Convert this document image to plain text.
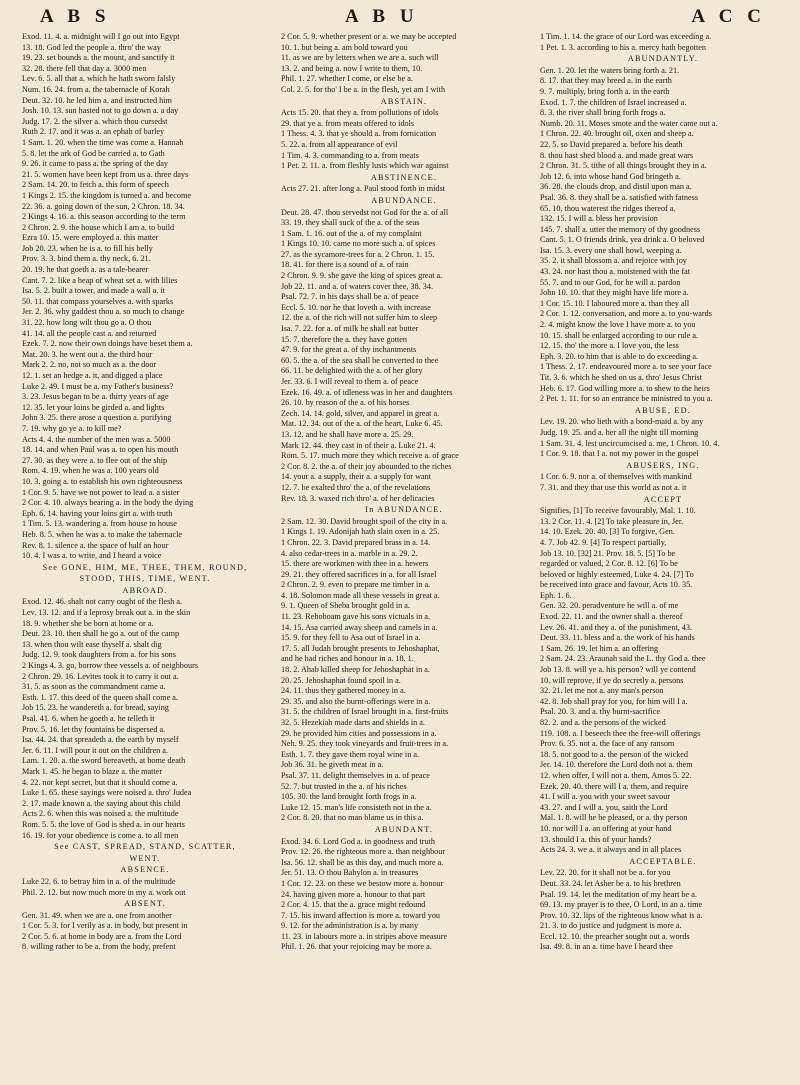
A B S	A B U	A C C

Exod. 11. 4. a. midnight will I go out into Egypt

13. 18. God led the people a. thro' the way

19. 23. set bounds a. the mount, and sanctify it

32. 28. there fell that day a. 3000 men

Lev. 6. 5. all that a. which he hath sworn falsly

Num. 16. 24. from a. the tabernacle of Korah

Deut. 32. 10. he led him a. and instructed him

Josh. 10. 13. sun hasted not to go down a. a day

Judg. 17. 2. the silver a. which thou cursedst

Ruth 2. 17. and it was a. an ephah of barley

1 Sam. 1. 20. when the time was come a. Hannah

5. 8. let the ark of God be carried a. to Gath

9. 26. it came to pass a. the spring of the day

21. 5. women have been kept from us a. three days

2 Sam. 14. 20. to fetch a. this form of speech

1 Kings 2. 15. the kingdom is turned a. and become

22. 36. a. going down of the sun, 2 Chron. 18. 34.

2 Kings 4. 16. a. this season according to the term

2 Chron. 2. 9. the house which I am a. to build

Ezra 10. 15. were employed a. this matter

Job 20. 23. when he is a. to fill his belly

Prov. 3. 3. bind them a. thy neck, 6. 21.

20. 19. he that goeth a. as a tale-bearer

Cant. 7. 2. like a heap of wheat set a. with lilies

Isa. 5. 2. built a tower, and made a wall a. it

50. 11. that compass yourselves a. with sparks

Jer. 2. 36. why gaddest thou a. so much to change

31. 22. how long wilt thou go a. O thou

41. 14. all the people cast a. and returned

Ezek. 7. 2. now their own doings have beset them a.

Mat. 20. 3. he went out a. the third hour

Mark 2. 2. no, not so much as a. the door

12. 1. set an hedge a. it, and digged a place

Luke 2. 49. I must be a. my Father's business?

3. 23. Jesus began to be a. thirty years of age

12. 35. let your loins be girded a. and lights

John 3. 25. there arose a question a. purifying

7. 19. why go ye a. to kill me?

Acts 4. 4. the number of the men was a. 5000

18. 14. and when Paul was a. to open his mouth

27. 30. as they were a. to flee out of the ship

Rom. 4. 19. when he was a. 100 years old

10. 3. going a. to establish his own righteousness

1 Cor. 9. 5. have we not power to lead a. a sister

2 Cor. 4. 10. always bearing a. in the body the dying

Eph. 6. 14. having your loins girt a. with truth

1 Tim. 5. 13. wandering a. from house to house

Heb. 8. 5. when he was a. to make the tabernacle

Rev. 8. 1. silence a. the space of half an hour

10. 4. I was a. to write, and I heard a voice

See GONE, HIM, ME, THEE, THEM, ROUND,

STOOD, THIS, TIME, WENT.

ABROAD.

Exod. 12. 46. shalt not carry ought of the flesh a.

Lev. 13. 12. and if a leprosy break out a. in the skin

18. 9. whether she be born at home or a.

Deut. 23. 10. then shall he go a. out of the camp

13. when thou wilt ease thyself a. shalt dig

Judg. 12. 9. took daughters from a. for his sons

2 Kings 4. 3. go, borrow thee vessels a. of neighbours

2 Chron. 29. 16. Levites took it to carry it out a.

31. 5. as soon as the commandment came a.

Esth. 1. 17. this deed of the queen shall come a.

Job 15. 23. he wandereth a. for bread, saying

Psal. 41. 6. when he goeth a. he telleth it

Prov. 5. 16. let thy fountains be dispersed a.

Isa. 44. 24. that spreadeth a. the earth by myself

Jer. 6. 11. I will pour it out on the children a.

Lam. 1. 20. a. the sword bereaveth, at home death

Mark 1. 45. he began to blaze a. the matter

4. 22. nor kept secret, but that it should come a.

Luke 1. 65. these sayings were noised a. thro' Judea

2. 17. made known a. the saying about this child

Acts 2. 6. when this was noised a. the multitude

Rom. 5. 5. the love of God is shed a. in our hearts

16. 19. for your obedience is come a. to all men

See CAST, SPREAD, STAND, SCATTER,

WENT.

ABSENCE.

Luke 22. 6. to betray him in a. of the multitude

Phil. 2. 12. but now much more in my a. work out

ABSENT.

Gen. 31. 49. when we are a. one from another

1 Cor. 5. 3. for I verily as a. in body, but present in

2 Cor. 5. 6. at home in body are a. from the Lord

8. willing rather to be a. from the body, prefent

2 Cor. 5. 9. whether present or a. we may be accepted

10. 1. but being a. am bold toward you

11. as we are by letters when we are a. such will

13. 2. and being a. now I write to them, 10.

Phil. 1. 27. whether I come, or else be a.

Col. 2. 5. for tho' I be a. in the flesh, yet am I with

ABSTAIN.

Acts 15. 20. that they a. from pollutions of idols

29. that ye a. from meats offered to idols

1 Thess. 4. 3. that ye should a. from fornication

5. 22. a. from all appearance of evil

1 Tim. 4. 3. commanding to a. from meats

1 Pet. 2. 11. a. from fleshly lusts which war against

ABSTINENCE.

Acts 27. 21. after long a. Paul stood forth in midst

ABUNDANCE.

Deut. 28. 47. thou servedst not God for the a. of all

33. 19. they shall suck of the a. of the seas

1 Sam. 1. 16. out of the a. of my complaint

1 Kings 10. 10. came no more such a. of spices

27. as the sycamore-trees for a. 2 Chron. 1. 15.

18. 41. for there is a sound of a. of rain

2 Chron. 9. 9. she gave the king of spices great a.

Job 22. 11. and a. of waters cover thee, 38. 34.

Psal. 72. 7. in his days shall be a. of peace

Eccl. 5. 10. nor he that loveth a. with increase

12. the a. of the rich will not suffer him to sleep

Isa. 7. 22. for a. of milk he shall eat butter

15. 7. therefore the a. they have gotten

47. 9. for the great a. of thy inchantments

60. 5. the a. of the sea shall be converted to thee

66. 11. be delighted with the a. of her glory

Jer. 33. 6. I will reveal to them a. of peace

Ezek. 16. 49. a. of idleness was in her and daughters

26. 10. by reason of the a. of his horses

Zech. 14. 14. gold, silver, and apparel in great a.

Mat. 12. 34. out of the a. of the heart, Luke 6. 45.

13. 12. and he shall have more a. 25. 29.

Mark 12. 44. they cast in of their a. Luke 21. 4.

Rom. 5. 17. much more they which receive a. of grace

2 Cor. 8. 2. the a. of their joy abounded to the riches

14. your a. a supply, their a. a supply for want

12. 7. be exalted thro' the a. of the revelations

Rev. 18. 3. waxed rich thro' a. of her delicacies

In ABUNDANCE.

2 Sam. 12. 30. David brought spoil of the city in a.

1 Kings 1. 19. Adonijah hath slain oxen in a. 25.

1 Chron. 22. 3. David prepared brass in a. 14.

4. also cedar-trees in a. marble in a. 29. 2.

15. there are workmen with thee in a. hewers

29. 21. they offered sacrifices in a. for all Israel

2 Chron. 2. 9. even to prepare me timber in a.

4. 18. Solomon made all these vessels in great a.

9. 1. Queen of Sheba brought gold in a.

11. 23. Rehoboam gave his sons victuals in a.

14. 15. Asa carried away sheep and camels in a.

15. 9. for they fell to Asa out of Israel in a.

17. 5. all Judah brought presents to Jehoshaphat,

and he had riches and honour in a. 18. 1.

18. 2. Ahab killed sheep for Jehoshaphat in a.

20. 25. Jehoshaphat found spoil in a.

24. 11. thus they gathered money in a.

29. 35. and also the burnt-offerings were in a.

31. 5. the children of Israel brought in a. first-fruits

32. 5. Hezekiah made darts and shields in a.

29. he provided him cities and possessions in a.

Neh. 9. 25. they took vineyards and fruit-trees in a.

Esth. 1. 7. they gave them royal wine in a.

Job 36. 31. he giveth meat in a.

Psal. 37. 11. delight themselves in a. of peace

52. 7. but trusted in the a. of his riches

105. 30. the land brought forth frogs in a.

Luke 12. 15. man's life consisteth not in the a.

2 Cor. 8. 20. that no man blame us in this a.

ABUNDANT.

Exod. 34. 6. Lord God a. in goodness and truth

Prov. 12. 26. the righteous more a. than neighbour

Isa. 56. 12. shall be as this day, and much more a.

Jer. 51. 13. O thou Babylon a. in treasures

1 Cor. 12. 23. on these we bestow more a. honour

24. having given more a. honour to that part

2 Cor. 4. 15. that the a. grace might redound

7. 15. his inward affection is more a. toward you

9. 12. for the administration is a. by many

11. 23. in labours more a. in stripes above measure

Phil. 1. 26. that your rejoicing may be more a.

1 Tim. 1. 14. the grace of our Lord was exceeding a.

1 Pet. 1. 3. according to his a. mercy hath begotten

ABUNDANTLY.

Gen. 1. 20. let the waters bring forth a. 21.

8. 17. that they may breed a. in the earth

9. 7. multiply, bring forth a. in the earth

Exod. 1. 7. the children of Israel increased a.

8. 3. the river shall bring forth frogs a.

Numb. 20. 11. Moses smote and the water came out a.

1 Chron. 22. 40. brought oil, oxen and sheep a.

22. 5. so David prepared a. before his death

8. thou hast shed blood a. and made great wars

2 Chron. 31. 5. tithe of all things brought they in a.

Job 12. 6. into whose hand God bringeth a.

36. 28. the clouds drop, and distil upon man a.

Psal. 36. 8. they shall be a. satisfied with fatness

65. 10. thou waterest the ridges thereof a.

132. 15. I will a. bless her provision

145. 7. shall a. utter the memory of thy goodness

Cant. 5. 1. O friends drink, yea drink a. O beloved

Isa. 15. 3. every one shall howl, weeping a.

35. 2. it shall blossom a. and rejoice with joy

43. 24. nor hast thou a. moistened with the fat

55. 7. and to our God, for he will a. pardon

John 10. 10. that they might have life more a.

1 Cor. 15. 10. I laboured more a. than they all

2 Cor. 1. 12. conversation, and more a. to you-wards

2. 4. might know the love I have more a. to you

10. 15. shall be enlarged according to our rule a.

12. 15. tho' the more a. I love you, the less

Eph. 3. 20. to him that is able to do exceeding a.

1 Thess. 2. 17. endeavoured more a. to see your face

Tit. 3. 6. which he shed on us a. thro' Jesus Christ

Heb. 6. 17. God willing more a. to shew to the heirs

2 Pet. 1. 11. for so an entrance be ministred to you a.

ABUSE, ED.

Lev. 19. 20. who lieth with a bond-maid a. by any

Judg. 19. 25. and a. her all the night till morning

1 Sam. 31. 4. lest uncircumcised a. me, 1 Chron. 10. 4.

1 Cor. 9. 18. that I a. not my power in the gospel

ABUSERS, ING.

1 Cor. 6. 9. nor a. of themselves with mankind

7. 31. and they that use this world as not a. it

ACCEPT

Signifies, [1] To receive favourably, Mal. 1. 10.

13. 2 Cor. 11. 4. [2] To take pleasure in, Jer.

14. 10. Ezek. 20. 40. [3] To forgive, Gen.

4. 7. Job 42. 9. [4] To respect partially,

Job 13. 10. [32] 21. Prov. 18. 5. [5] To be

regarded or valued, 2 Cor. 8. 12. [6] To be

beloved or highly esteemed, Luke 4. 24. [7] To

be received into grace and favour, Acts 10. 35.

Eph. 1. 6.

Gen. 32. 20. peradventure he will a. of me

Exod. 22. 11. and the owner shall a. thereof

Lev. 26. 41. and they a. of the punishment, 43.

Deut. 33. 11. bless and a. the work of his hands

1 Sam. 26. 19. let him a. an offering

2 Sam. 24. 23. Araunah said the L. thy God a. thee

Job 13. 8. will ye a. his person? will ye contend

10. will reprove, if ye do secretly a. persons

32. 21. let me not a. any man's person

42. 8. Job shall pray for you, for him will I a.

Psal. 20. 3. and a. thy burnt-sacrifice

82. 2. and a. the persons of the wicked

119. 108. a. I beseech thee the free-will offerings

Prov. 6. 35. not a. the face of any ransom

18. 5. not good to a. the person of the wicked

Jer. 14. 10. therefore the Lord doth not a. them

12. when offer, I will not a. them, Amos 5. 22.

Ezek. 20. 40. there will I a. them, and require

41. I will a. you with your sweet savour

43. 27. and I will a. you, saith the Lord

Mal. 1. 8. will he be pleased, or a. thy person

10. nor will I a. an offering at your hand

13. should I a. this of your hands?

Acts 24. 3. we a. it always and in all places

ACCEPTABLE.

Lev. 22. 20. for it shall not be a. for you

Deut. 33. 24. let Asher be a. to his brethren

Psal. 19. 14. let the meditation of my heart be a.

69. 13. my prayer is to thee, O Lord, in an a. time

Prov. 10. 32. lips of the righteous know what is a.

21. 3. to do justice and judgment is more a.

Eccl. 12. 10. the preacher sought out a. words

Isa. 49. 8. in an a. time have I heard thee
